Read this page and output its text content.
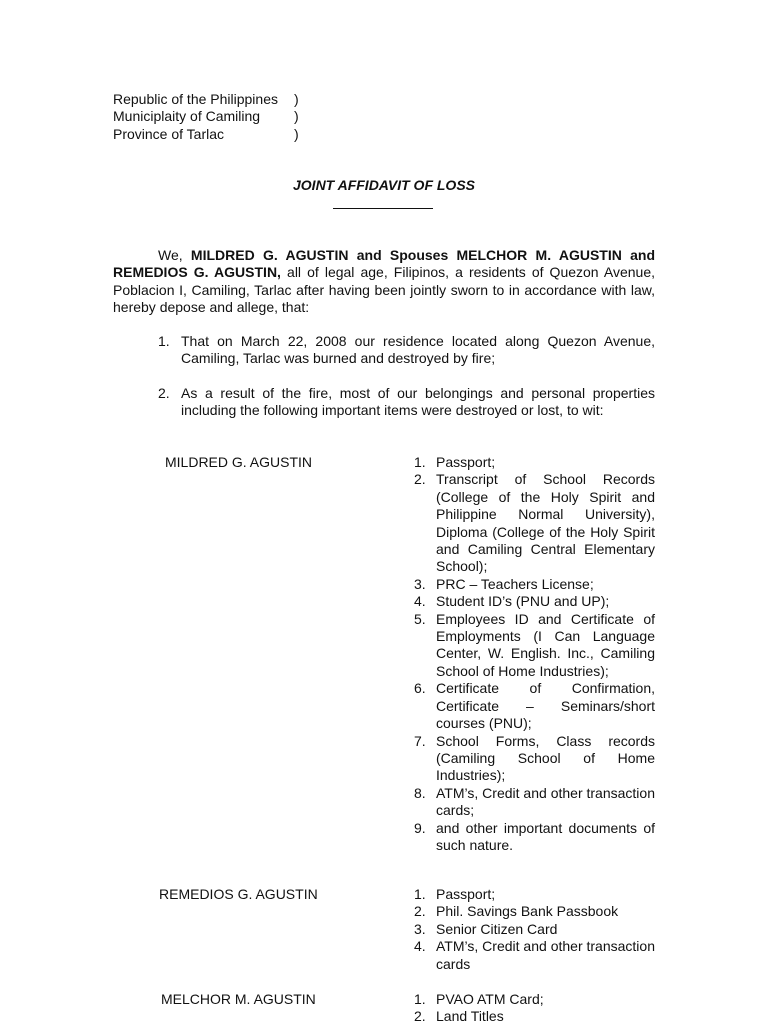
Republic of the Philippines	)
Municiplaity of Camiling	)
Province of Tarlac	)
JOINT AFFIDAVIT OF LOSS
We, MILDRED G. AGUSTIN and Spouses MELCHOR M. AGUSTIN and REMEDIOS G. AGUSTIN, all of legal age, Filipinos, a residents of Quezon Avenue, Poblacion I, Camiling, Tarlac after having been jointly sworn to in accordance with law, hereby depose and allege, that:
1. That on March 22, 2008 our residence located along Quezon Avenue, Camiling, Tarlac was burned and destroyed by fire;
2. As a result of the fire, most of our belongings and personal properties including the following important items were destroyed or lost, to wit:
MILDRED G. AGUSTIN	1. Passport;
2. Transcript of School Records (College of the Holy Spirit and Philippine Normal University), Diploma (College of the Holy Spirit and Camiling Central Elementary School);
3. PRC – Teachers License;
4. Student ID’s (PNU and UP);
5. Employees ID and Certificate of Employments (I Can Language Center, W. English. Inc., Camiling School of Home Industries);
6. Certificate of Confirmation, Certificate – Seminars/short courses (PNU);
7. School Forms, Class records (Camiling School of Home Industries);
8. ATM’s, Credit and other transaction cards;
9. and other important documents of such nature.
REMEDIOS G. AGUSTIN	1. Passport;
2. Phil. Savings Bank Passbook
3. Senior Citizen Card
4. ATM’s, Credit and other transaction cards
MELCHOR M. AGUSTIN	1. PVAO ATM Card;
2. Land Titles
